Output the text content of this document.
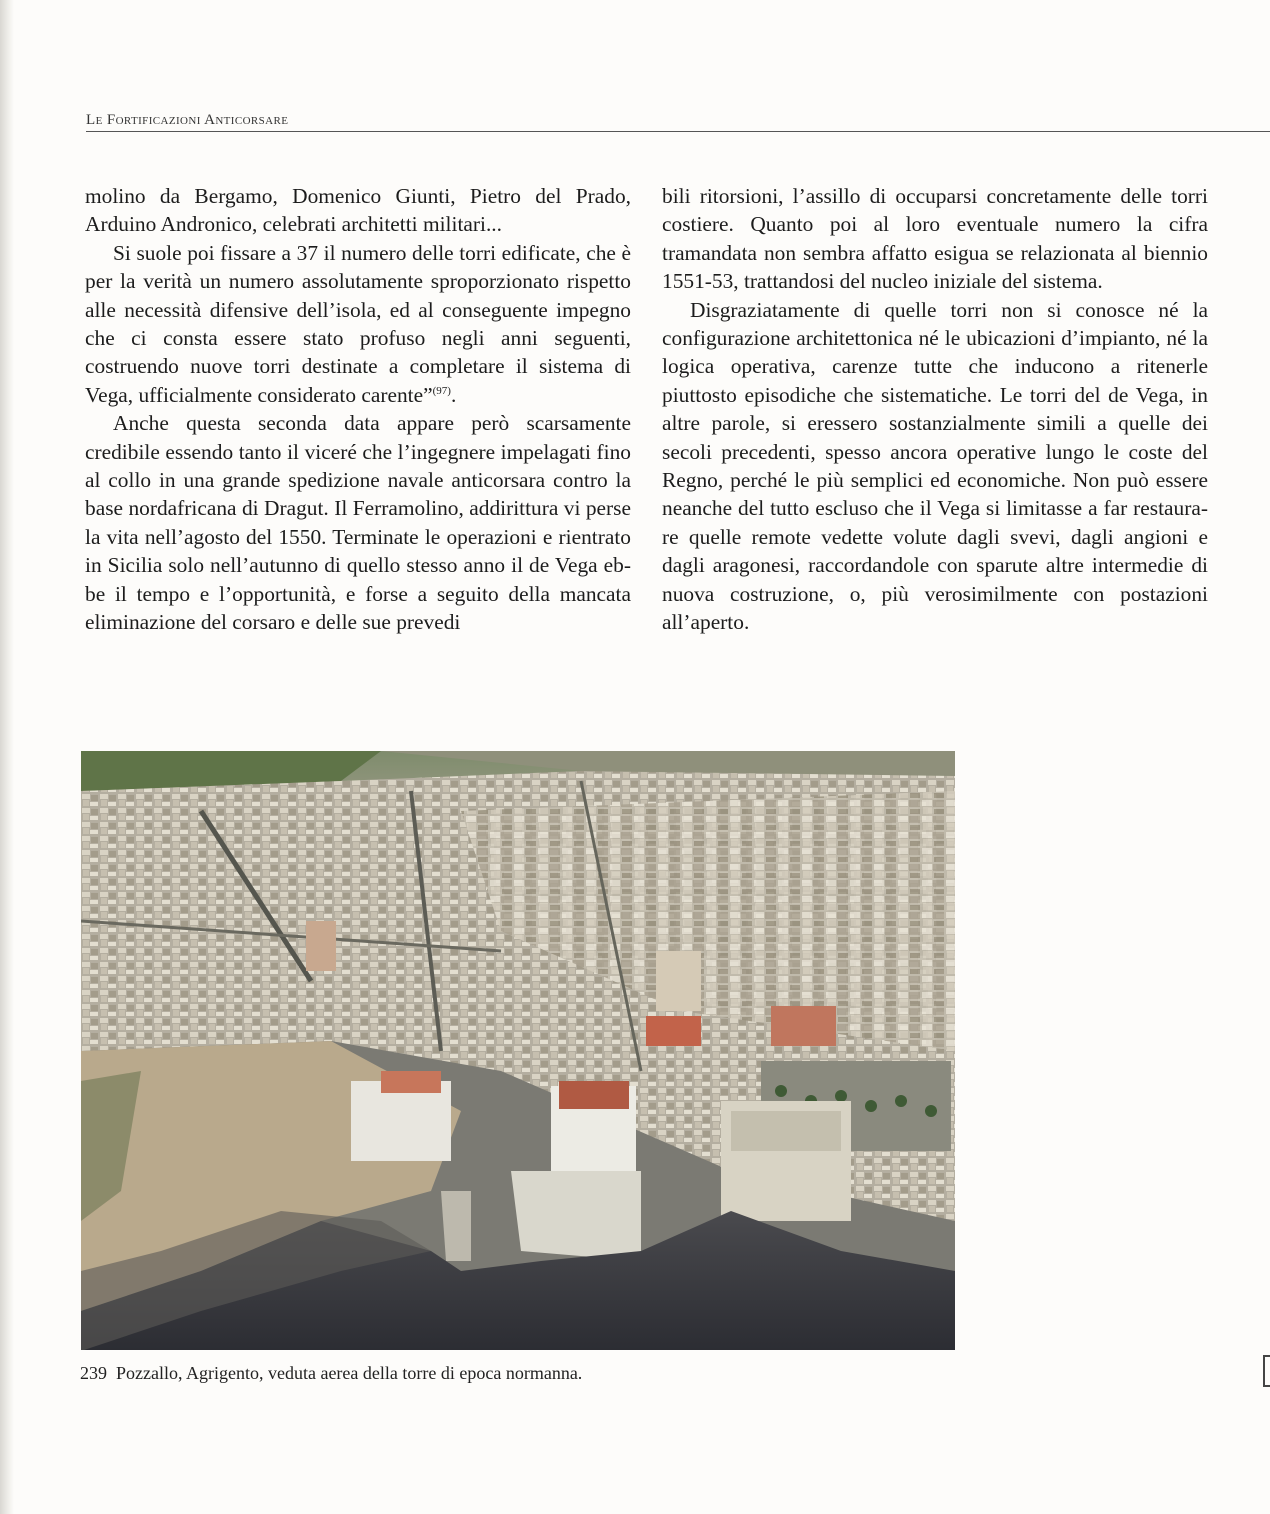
Le Fortificazioni Anticorsare

molino da Bergamo, Domenico Giunti, Pietro del Prado, Arduino Andronico, celebrati architetti militari...

Si suole poi fissare a 37 il numero delle torri edificate, che è per la verità un numero assolutamente sproporzionato rispetto alle necessità difensive dell’isola, ed al conseguente impegno che ci consta essere stato profuso negli anni seguenti, costruendo nuove torri destinate a completare il sistema di Vega, ufficialmente considerato carente”$^{(97)}$.

Anche questa seconda data appare però scarsamente credibile essendo tanto il viceré che l’ingegnere impelagati fino al collo in una grande spedizione navale anticorsara contro la base nordafricana di Dragut. Il Ferramolino, addirittura vi perse la vita nell’agosto del 1550. Terminate le operazioni e rientrato in Sicilia solo nell’autunno di quello stesso anno il de Vega ebbe il tempo e l’opportunità, e forse a seguito della mancata eliminazione del corsaro e delle sue prevedi

bili ritorsioni, l’assillo di occuparsi concretamente delle torri costiere. Quanto poi al loro eventuale numero la cifra tramandata non sembra affatto esigua se relazionata al biennio 1551-53, trattandosi del nucleo iniziale del sistema.

Disgraziatamente di quelle torri non si conosce né la configurazione architettonica né le ubicazioni d’impianto, né la logica operativa, carenze tutte che inducono a ritenerle piuttosto episodiche che sistematiche. Le torri del de Vega, in altre parole, si eressero sostanzialmente simili a quelle dei secoli precedenti, spesso ancora operative lungo le coste del Regno, perché le più semplici ed economiche. Non può essere neanche del tutto escluso che il Vega si limitasse a far restaurare quelle remote vedette volute dagli svevi, dagli angioni e dagli aragonesi, raccordandole con sparute altre intermedie di nuova costruzione, o, più verosimilmente con postazioni all’aperto.

239 Pozzallo, Agrigento, veduta aerea della torre di epoca normanna.
